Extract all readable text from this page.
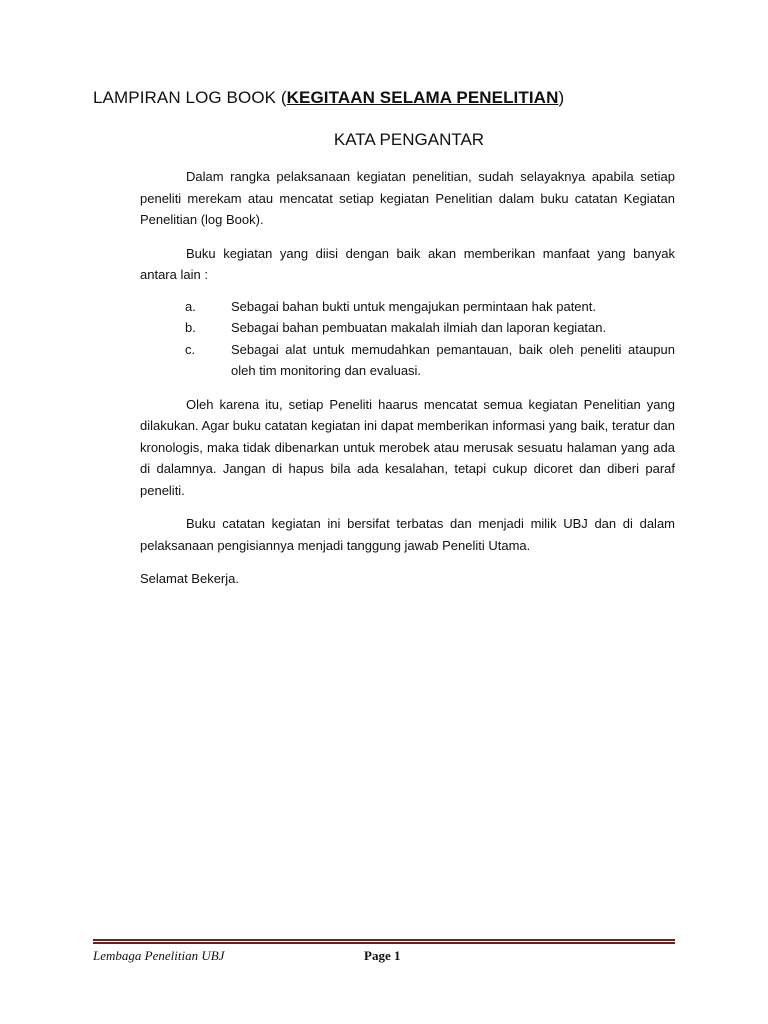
LAMPIRAN LOG BOOK (KEGITAAN SELAMA PENELITIAN)
KATA PENGANTAR

Dalam rangka pelaksanaan kegiatan penelitian, sudah selayaknya apabila setiap peneliti merekam atau mencatat setiap kegiatan Penelitian dalam buku catatan Kegiatan Penelitian (log Book).

Buku kegiatan yang diisi dengan baik akan memberikan manfaat yang banyak antara lain :

a.	Sebagai bahan bukti untuk mengajukan permintaan hak patent.
b.	Sebagai bahan pembuatan makalah ilmiah dan laporan kegiatan.
c.	Sebagai alat untuk memudahkan pemantauan, baik oleh peneliti ataupun oleh tim monitoring dan evaluasi.

Oleh karena itu, setiap Peneliti haarus mencatat semua kegiatan Penelitian yang dilakukan. Agar buku catatan kegiatan ini dapat memberikan informasi yang baik, teratur dan kronologis, maka tidak dibenarkan untuk merobek atau merusak sesuatu halaman yang ada di dalamnya. Jangan di hapus bila ada kesalahan, tetapi cukup dicoret dan diberi paraf peneliti.

Buku catatan kegiatan ini bersifat terbatas dan menjadi milik UBJ dan di dalam pelaksanaan pengisiannya menjadi tanggung jawab Peneliti Utama.

Selamat Bekerja.

Lembaga Penelitian UBJ	Page 1
